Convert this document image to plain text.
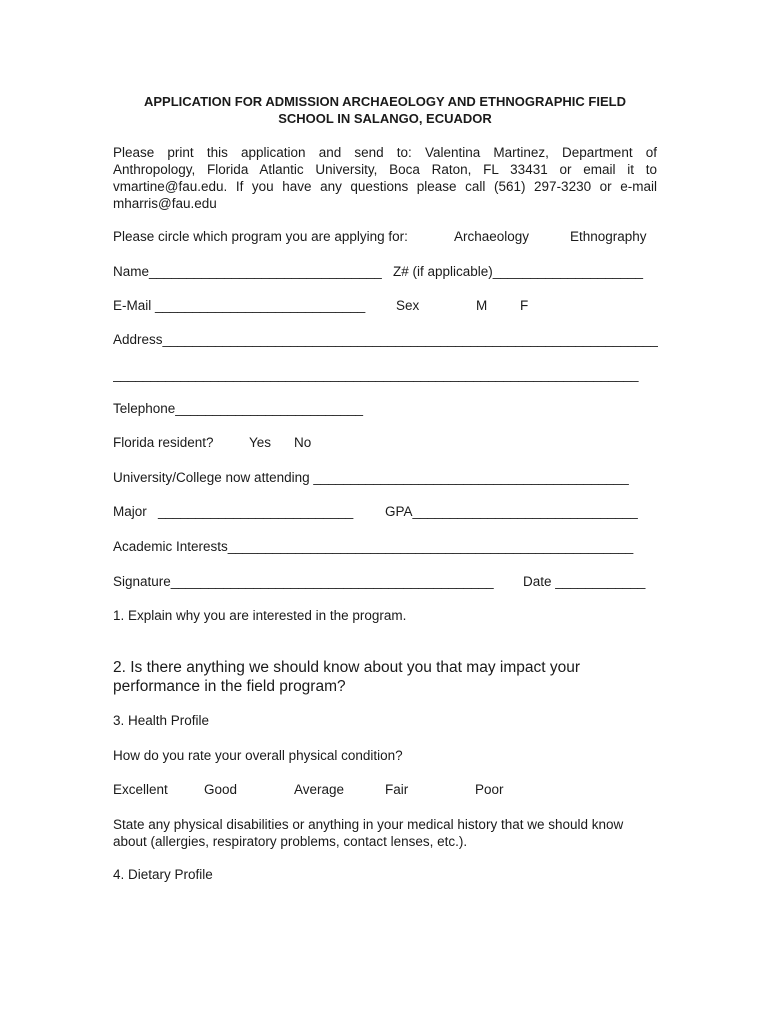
APPLICATION FOR ADMISSION ARCHAEOLOGY AND ETHNOGRAPHIC FIELD
SCHOOL IN SALANGO, ECUADOR
Please  print  this  application  and  send  to:  Valentina  Martinez,  Department  of
Anthropology,  Florida  Atlantic  University,  Boca  Raton,  FL  33431  or  email  it  to
vmartine@fau.edu.  If  you  have  any  questions  please  call  (561)  297-3230  or  e-mail
mharris@fau.edu
Please circle which program you are applying for:	Archaeology	Ethnography
Name_______________________________ Z# (if applicable)____________________
E-Mail ____________________________ Sex	M F
Address__________________________________________________________________
______________________________________________________________________
Telephone_________________________
Florida resident?	Yes No
University/College now attending __________________________________________
Major   __________________________ GPA______________________________
Academic Interests______________________________________________________
Signature___________________________________________ Date ____________
1. Explain why you are interested in the program.
2. Is there anything we should know about you that may impact your
performance in the field program?
3. Health Profile
How do you rate your overall physical condition?
Excellent	Good	Average	Fair	Poor
State any physical disabilities or anything in your medical history that we should know
about (allergies, respiratory problems, contact lenses, etc.).
4. Dietary Profile
